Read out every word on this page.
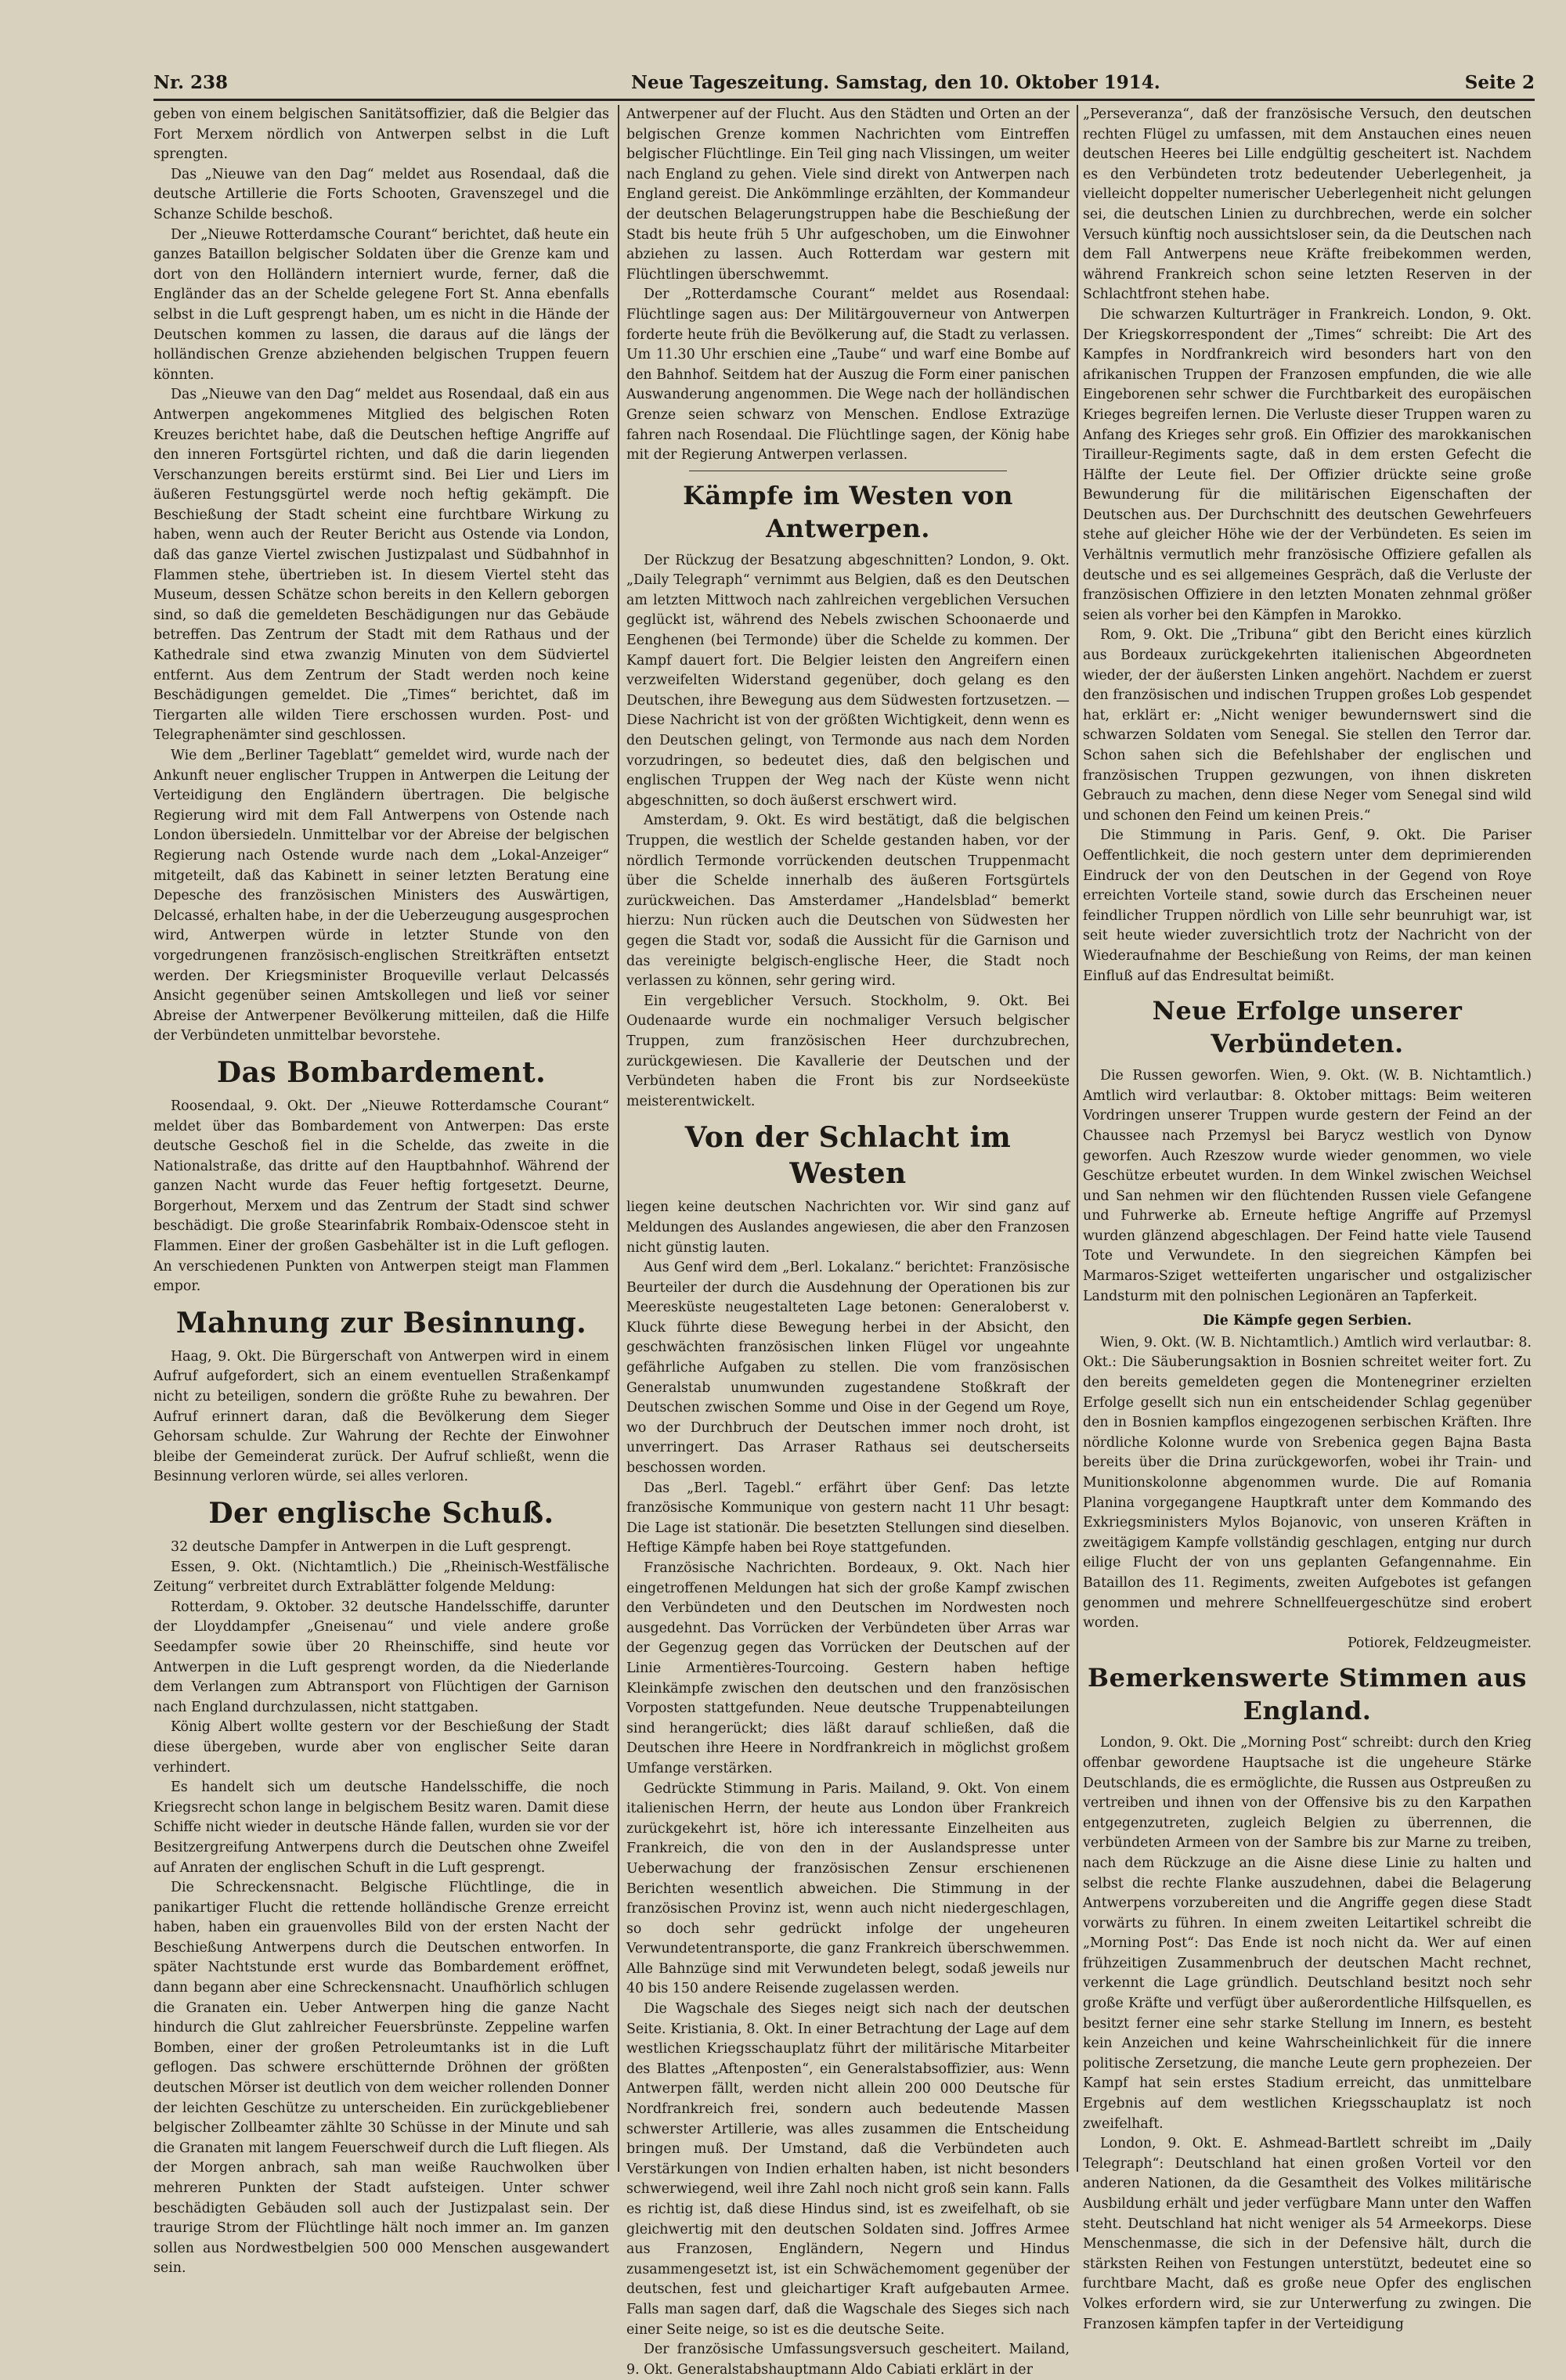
Nr. 238	Neue Tageszeitung. Samstag, den 10. Oktober 1914.	Seite 2

geben von einem belgischen Sanitätsoffizier, daß die Belgier das Fort Merxem nördlich von Antwerpen selbst in die Luft sprengten.

Das „Nieuwe van den Dag“ meldet aus Rosendaal, daß die deutsche Artillerie die Forts Schooten, Gravenszegel und die Schanze Schilde beschoß.

Der „Nieuwe Rotterdamsche Courant“ berichtet, daß heute ein ganzes Bataillon belgischer Soldaten über die Grenze kam und dort von den Holländern interniert wurde, ferner, daß die Engländer das an der Schelde gelegene Fort St. Anna ebenfalls selbst in die Luft gesprengt haben, um es nicht in die Hände der Deutschen kommen zu lassen, die daraus auf die längs der holländischen Grenze abziehenden belgischen Truppen feuern könnten.

Das „Nieuwe van den Dag“ meldet aus Rosendaal, daß ein aus Antwerpen angekommenes Mitglied des belgischen Roten Kreuzes berichtet habe, daß die Deutschen heftige Angriffe auf den inneren Fortsgürtel richten, und daß die darin liegenden Verschanzungen bereits erstürmt sind. Bei Lier und Liers im äußeren Festungsgürtel werde noch heftig gekämpft. Die Beschießung der Stadt scheint eine furchtbare Wirkung zu haben, wenn auch der Reuter Bericht aus Ostende via London, daß das ganze Viertel zwischen Justizpalast und Südbahnhof in Flammen stehe, übertrieben ist. In diesem Viertel steht das Museum, dessen Schätze schon bereits in den Kellern geborgen sind, so daß die gemeldeten Beschädigungen nur das Gebäude betreffen. Das Zentrum der Stadt mit dem Rathaus und der Kathedrale sind etwa zwanzig Minuten von dem Südviertel entfernt. Aus dem Zentrum der Stadt werden noch keine Beschädigungen gemeldet. Die „Times“ berichtet, daß im Tiergarten alle wilden Tiere erschossen wurden. Post- und Telegraphenämter sind geschlossen.

Wie dem „Berliner Tageblatt“ gemeldet wird, wurde nach der Ankunft neuer englischer Truppen in Antwerpen die Leitung der Verteidigung den Engländern übertragen. Die belgische Regierung wird mit dem Fall Antwerpens von Ostende nach London übersiedeln. Unmittelbar vor der Abreise der belgischen Regierung nach Ostende wurde nach dem „Lokal-Anzeiger“ mitgeteilt, daß das Kabinett in seiner letzten Beratung eine Depesche des französischen Ministers des Auswärtigen, Delcassé, erhalten habe, in der die Ueberzeugung ausgesprochen wird, Antwerpen würde in letzter Stunde von den vorgedrungenen französisch-englischen Streitkräften entsetzt werden. Der Kriegsminister Broqueville verlaut Delcassés Ansicht gegenüber seinen Amtskollegen und ließ vor seiner Abreise der Antwerpener Bevölkerung mitteilen, daß die Hilfe der Verbündeten unmittelbar bevorstehe.

Das Bombardement.

Roosendaal, 9. Okt. Der „Nieuwe Rotterdamsche Courant“ meldet über das Bombardement von Antwerpen: Das erste deutsche Geschoß fiel in die Schelde, das zweite in die Nationalstraße, das dritte auf den Hauptbahnhof. Während der ganzen Nacht wurde das Feuer heftig fortgesetzt. Deurne, Borgerhout, Merxem und das Zentrum der Stadt sind schwer beschädigt. Die große Stearinfabrik Rombaix-Odenscoe steht in Flammen. Einer der großen Gasbehälter ist in die Luft geflogen. An verschiedenen Punkten von Antwerpen steigt man Flammen empor.

Mahnung zur Besinnung.

Haag, 9. Okt. Die Bürgerschaft von Antwerpen wird in einem Aufruf aufgefordert, sich an einem eventuellen Straßenkampf nicht zu beteiligen, sondern die größte Ruhe zu bewahren. Der Aufruf erinnert daran, daß die Bevölkerung dem Sieger Gehorsam schulde. Zur Wahrung der Rechte der Einwohner bleibe der Gemeinderat zurück. Der Aufruf schließt, wenn die Besinnung verloren würde, sei alles verloren.

Der englische Schuß.

32 deutsche Dampfer in Antwerpen in die Luft gesprengt.

Essen, 9. Okt. (Nichtamtlich.) Die „Rheinisch-Westfälische Zeitung“ verbreitet durch Extrablätter folgende Meldung:

Rotterdam, 9. Oktober. 32 deutsche Handelsschiffe, darunter der Lloyddampfer „Gneisenau“ und viele andere große Seedampfer sowie über 20 Rheinschiffe, sind heute vor Antwerpen in die Luft gesprengt worden, da die Niederlande dem Verlangen zum Abtransport von Flüchtigen der Garnison nach England durchzulassen, nicht stattgaben.

König Albert wollte gestern vor der Beschießung der Stadt diese übergeben, wurde aber von englischer Seite daran verhindert.

Es handelt sich um deutsche Handelsschiffe, die noch Kriegsrecht schon lange in belgischem Besitz waren. Damit diese Schiffe nicht wieder in deutsche Hände fallen, wurden sie vor der Besitzergreifung Antwerpens durch die Deutschen ohne Zweifel auf Anraten der englischen Schuft in die Luft gesprengt.

Die Schreckensnacht. Belgische Flüchtlinge, die in panikartiger Flucht die rettende holländische Grenze erreicht haben, haben ein grauenvolles Bild von der ersten Nacht der Beschießung Antwerpens durch die Deutschen entworfen. In später Nachtstunde erst wurde das Bombardement eröffnet, dann begann aber eine Schreckensnacht. Unaufhörlich schlugen die Granaten ein. Ueber Antwerpen hing die ganze Nacht hindurch die Glut zahlreicher Feuersbrünste. Zeppeline warfen Bomben, einer der großen Petroleumtanks ist in die Luft geflogen. Das schwere erschütternde Dröhnen der größten deutschen Mörser ist deutlich von dem weicher rollenden Donner der leichten Geschütze zu unterscheiden. Ein zurückgebliebener belgischer Zollbeamter zählte 30 Schüsse in der Minute und sah die Granaten mit langem Feuerschweif durch die Luft fliegen. Als der Morgen anbrach, sah man weiße Rauchwolken über mehreren Punkten der Stadt aufsteigen. Unter schwer beschädigten Gebäuden soll auch der Justizpalast sein. Der traurige Strom der Flüchtlinge hält noch immer an. Im ganzen sollen aus Nordwestbelgien 500 000 Menschen ausgewandert sein.

Antwerpener auf der Flucht. Aus den Städten und Orten an der belgischen Grenze kommen Nachrichten vom Eintreffen belgischer Flüchtlinge. Ein Teil ging nach Vlissingen, um weiter nach England zu gehen. Viele sind direkt von Antwerpen nach England gereist. Die Ankömmlinge erzählten, der Kommandeur der deutschen Belagerungstruppen habe die Beschießung der Stadt bis heute früh 5 Uhr aufgeschoben, um die Einwohner abziehen zu lassen. Auch Rotterdam war gestern mit Flüchtlingen überschwemmt.

Der „Rotterdamsche Courant“ meldet aus Rosendaal: Flüchtlinge sagen aus: Der Militärgouverneur von Antwerpen forderte heute früh die Bevölkerung auf, die Stadt zu verlassen. Um 11.30 Uhr erschien eine „Taube“ und warf eine Bombe auf den Bahnhof. Seitdem hat der Auszug die Form einer panischen Auswanderung angenommen. Die Wege nach der holländischen Grenze seien schwarz von Menschen. Endlose Extrazüge fahren nach Rosendaal. Die Flüchtlinge sagen, der König habe mit der Regierung Antwerpen verlassen.

Kämpfe im Westen von Antwerpen.

Der Rückzug der Besatzung abgeschnitten? London, 9. Okt. „Daily Telegraph“ vernimmt aus Belgien, daß es den Deutschen am letzten Mittwoch nach zahlreichen vergeblichen Versuchen geglückt ist, während des Nebels zwischen Schoonaerde und Eenghenen (bei Termonde) über die Schelde zu kommen. Der Kampf dauert fort. Die Belgier leisten den Angreifern einen verzweifelten Widerstand gegenüber, doch gelang es den Deutschen, ihre Bewegung aus dem Südwesten fortzusetzen. — Diese Nachricht ist von der größten Wichtigkeit, denn wenn es den Deutschen gelingt, von Termonde aus nach dem Norden vorzudringen, so bedeutet dies, daß den belgischen und englischen Truppen der Weg nach der Küste wenn nicht abgeschnitten, so doch äußerst erschwert wird.

Amsterdam, 9. Okt. Es wird bestätigt, daß die belgischen Truppen, die westlich der Schelde gestanden haben, vor der nördlich Termonde vorrückenden deutschen Truppenmacht über die Schelde innerhalb des äußeren Fortsgürtels zurückweichen. Das Amsterdamer „Handelsblad“ bemerkt hierzu: Nun rücken auch die Deutschen von Südwesten her gegen die Stadt vor, sodaß die Aussicht für die Garnison und das vereinigte belgisch-englische Heer, die Stadt noch verlassen zu können, sehr gering wird.

Ein vergeblicher Versuch. Stockholm, 9. Okt. Bei Oudenaarde wurde ein nochmaliger Versuch belgischer Truppen, zum französischen Heer durchzubrechen, zurückgewiesen. Die Kavallerie der Deutschen und der Verbündeten haben die Front bis zur Nordseeküste meisterentwickelt.

Von der Schlacht im Westen

liegen keine deutschen Nachrichten vor. Wir sind ganz auf Meldungen des Auslandes angewiesen, die aber den Franzosen nicht günstig lauten.

Aus Genf wird dem „Berl. Lokalanz.“ berichtet: Französische Beurteiler der durch die Ausdehnung der Operationen bis zur Meeresküste neugestalteten Lage betonen: Generaloberst v. Kluck führte diese Bewegung herbei in der Absicht, den geschwächten französischen linken Flügel vor ungeahnte gefährliche Aufgaben zu stellen. Die vom französischen Generalstab unumwunden zugestandene Stoßkraft der Deutschen zwischen Somme und Oise in der Gegend um Roye, wo der Durchbruch der Deutschen immer noch droht, ist unverringert. Das Arraser Rathaus sei deutscherseits beschossen worden.

Das „Berl. Tagebl.“ erfährt über Genf: Das letzte französische Kommunique von gestern nacht 11 Uhr besagt: Die Lage ist stationär. Die besetzten Stellungen sind dieselben. Heftige Kämpfe haben bei Roye stattgefunden.

Französische Nachrichten. Bordeaux, 9. Okt. Nach hier eingetroffenen Meldungen hat sich der große Kampf zwischen den Verbündeten und den Deutschen im Nordwesten noch ausgedehnt. Das Vorrücken der Verbündeten über Arras war der Gegenzug gegen das Vorrücken der Deutschen auf der Linie Armentières-Tourcoing. Gestern haben heftige Kleinkämpfe zwischen den deutschen und den französischen Vorposten stattgefunden. Neue deutsche Truppenabteilungen sind herangerückt; dies läßt darauf schließen, daß die Deutschen ihre Heere in Nordfrankreich in möglichst großem Umfange verstärken.

Gedrückte Stimmung in Paris. Mailand, 9. Okt. Von einem italienischen Herrn, der heute aus London über Frankreich zurückgekehrt ist, höre ich interessante Einzelheiten aus Frankreich, die von den in der Auslandspresse unter Ueberwachung der französischen Zensur erschienenen Berichten wesentlich abweichen. Die Stimmung in der französischen Provinz ist, wenn auch nicht niedergeschlagen, so doch sehr gedrückt infolge der ungeheuren Verwundetentransporte, die ganz Frankreich überschwemmen. Alle Bahnzüge sind mit Verwundeten belegt, sodaß jeweils nur 40 bis 150 andere Reisende zugelassen werden.

Die Wagschale des Sieges neigt sich nach der deutschen Seite. Kristiania, 8. Okt. In einer Betrachtung der Lage auf dem westlichen Kriegsschauplatz führt der militärische Mitarbeiter des Blattes „Aftenposten“, ein Generalstabsoffizier, aus: Wenn Antwerpen fällt, werden nicht allein 200 000 Deutsche für Nordfrankreich frei, sondern auch bedeutende Massen schwerster Artillerie, was alles zusammen die Entscheidung bringen muß. Der Umstand, daß die Verbündeten auch Verstärkungen von Indien erhalten haben, ist nicht besonders schwerwiegend, weil ihre Zahl noch nicht groß sein kann. Falls es richtig ist, daß diese Hindus sind, ist es zweifelhaft, ob sie gleichwertig mit den deutschen Soldaten sind. Joffres Armee aus Franzosen, Engländern, Negern und Hindus zusammengesetzt ist, ist ein Schwächemoment gegenüber der deutschen, fest und gleichartiger Kraft aufgebauten Armee. Falls man sagen darf, daß die Wagschale des Sieges sich nach einer Seite neige, so ist es die deutsche Seite.

Der französische Umfassungsversuch gescheitert. Mailand, 9. Okt. Generalstabshauptmann Aldo Cabiati erklärt in der

„Perseveranza“, daß der französische Versuch, den deutschen rechten Flügel zu umfassen, mit dem Anstauchen eines neuen deutschen Heeres bei Lille endgültig gescheitert ist. Nachdem es den Verbündeten trotz bedeutender Ueberlegenheit, ja vielleicht doppelter numerischer Ueberlegenheit nicht gelungen sei, die deutschen Linien zu durchbrechen, werde ein solcher Versuch künftig noch aussichtsloser sein, da die Deutschen nach dem Fall Antwerpens neue Kräfte freibekommen werden, während Frankreich schon seine letzten Reserven in der Schlachtfront stehen habe.

Die schwarzen Kulturträger in Frankreich. London, 9. Okt. Der Kriegskorrespondent der „Times“ schreibt: Die Art des Kampfes in Nordfrankreich wird besonders hart von den afrikanischen Truppen der Franzosen empfunden, die wie alle Eingeborenen sehr schwer die Furchtbarkeit des europäischen Krieges begreifen lernen. Die Verluste dieser Truppen waren zu Anfang des Krieges sehr groß. Ein Offizier des marokkanischen Tirailleur-Regiments sagte, daß in dem ersten Gefecht die Hälfte der Leute fiel. Der Offizier drückte seine große Bewunderung für die militärischen Eigenschaften der Deutschen aus. Der Durchschnitt des deutschen Gewehrfeuers stehe auf gleicher Höhe wie der der Verbündeten. Es seien im Verhältnis vermutlich mehr französische Offiziere gefallen als deutsche und es sei allgemeines Gespräch, daß die Verluste der französischen Offiziere in den letzten Monaten zehnmal größer seien als vorher bei den Kämpfen in Marokko.

Rom, 9. Okt. Die „Tribuna“ gibt den Bericht eines kürzlich aus Bordeaux zurückgekehrten italienischen Abgeordneten wieder, der der äußersten Linken angehört. Nachdem er zuerst den französischen und indischen Truppen großes Lob gespendet hat, erklärt er: „Nicht weniger bewundernswert sind die schwarzen Soldaten vom Senegal. Sie stellen den Terror dar. Schon sahen sich die Befehlshaber der englischen und französischen Truppen gezwungen, von ihnen diskreten Gebrauch zu machen, denn diese Neger vom Senegal sind wild und schonen den Feind um keinen Preis.“

Die Stimmung in Paris. Genf, 9. Okt. Die Pariser Oeffentlichkeit, die noch gestern unter dem deprimierenden Eindruck der von den Deutschen in der Gegend von Roye erreichten Vorteile stand, sowie durch das Erscheinen neuer feindlicher Truppen nördlich von Lille sehr beunruhigt war, ist seit heute wieder zuversichtlich trotz der Nachricht von der Wiederaufnahme der Beschießung von Reims, der man keinen Einfluß auf das Endresultat beimißt.

Neue Erfolge unserer Verbündeten.

Die Russen geworfen. Wien, 9. Okt. (W. B. Nichtamtlich.) Amtlich wird verlautbar: 8. Oktober mittags: Beim weiteren Vordringen unserer Truppen wurde gestern der Feind an der Chaussee nach Przemysl bei Barycz westlich von Dynow geworfen. Auch Rzeszow wurde wieder genommen, wo viele Geschütze erbeutet wurden. In dem Winkel zwischen Weichsel und San nehmen wir den flüchtenden Russen viele Gefangene und Fuhrwerke ab. Erneute heftige Angriffe auf Przemysl wurden glänzend abgeschlagen. Der Feind hatte viele Tausend Tote und Verwundete. In den siegreichen Kämpfen bei Marmaros-Sziget wetteiferten ungarischer und ostgalizischer Landsturm mit den polnischen Legionären an Tapferkeit.

Die Kämpfe gegen Serbien.

Wien, 9. Okt. (W. B. Nichtamtlich.) Amtlich wird verlautbar: 8. Okt.: Die Säuberungsaktion in Bosnien schreitet weiter fort. Zu den bereits gemeldeten gegen die Montenegriner erzielten Erfolge gesellt sich nun ein entscheidender Schlag gegenüber den in Bosnien kampflos eingezogenen serbischen Kräften. Ihre nördliche Kolonne wurde von Srebenica gegen Bajna Basta bereits über die Drina zurückgeworfen, wobei ihr Train- und Munitionskolonne abgenommen wurde. Die auf Romania Planina vorgegangene Hauptkraft unter dem Kommando des Exkriegsministers Mylos Bojanovic, von unseren Kräften in zweitägigem Kampfe vollständig geschlagen, entging nur durch eilige Flucht der von uns geplanten Gefangennahme. Ein Bataillon des 11. Regiments, zweiten Aufgebotes ist gefangen genommen und mehrere Schnellfeuergeschütze sind erobert worden.

Potiorek, Feldzeugmeister.

Bemerkenswerte Stimmen aus England.

London, 9. Okt. Die „Morning Post“ schreibt: durch den Krieg offenbar gewordene Hauptsache ist die ungeheure Stärke Deutschlands, die es ermöglichte, die Russen aus Ostpreußen zu vertreiben und ihnen von der Offensive bis zu den Karpathen entgegenzutreten, zugleich Belgien zu überrennen, die verbündeten Armeen von der Sambre bis zur Marne zu treiben, nach dem Rückzuge an die Aisne diese Linie zu halten und selbst die rechte Flanke auszudehnen, dabei die Belagerung Antwerpens vorzubereiten und die Angriffe gegen diese Stadt vorwärts zu führen. In einem zweiten Leitartikel schreibt die „Morning Post“: Das Ende ist noch nicht da. Wer auf einen frühzeitigen Zusammenbruch der deutschen Macht rechnet, verkennt die Lage gründlich. Deutschland besitzt noch sehr große Kräfte und verfügt über außerordentliche Hilfsquellen, es besitzt ferner eine sehr starke Stellung im Innern, es besteht kein Anzeichen und keine Wahrscheinlichkeit für die innere politische Zersetzung, die manche Leute gern prophezeien. Der Kampf hat sein erstes Stadium erreicht, das unmittelbare Ergebnis auf dem westlichen Kriegsschauplatz ist noch zweifelhaft.

London, 9. Okt. E. Ashmead-Bartlett schreibt im „Daily Telegraph“: Deutschland hat einen großen Vorteil vor den anderen Nationen, da die Gesamtheit des Volkes militärische Ausbildung erhält und jeder verfügbare Mann unter den Waffen steht. Deutschland hat nicht weniger als 54 Armeekorps. Diese Menschenmasse, die sich in der Defensive hält, durch die stärksten Reihen von Festungen unterstützt, bedeutet eine so furchtbare Macht, daß es große neue Opfer des englischen Volkes erfordern wird, sie zur Unterwerfung zu zwingen. Die Franzosen kämpfen tapfer in der Verteidigung
